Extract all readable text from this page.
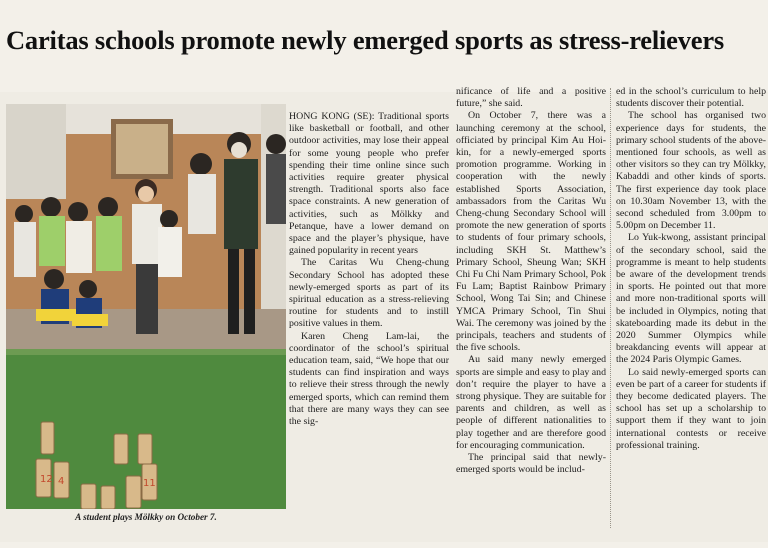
Caritas schools promote newly emerged sports as stress-relievers
12 4	11
A student plays Mölkky on October 7.

HONG KONG (SE): Traditional sports like basketball or football, and other outdoor activities, may lose their appeal for some young people who prefer spending their time online since such activities require greater physical strength. Traditional sports also face space constraints. A new generation of activities, such as Mölkky and Petanque, have a lower demand on space and the player’s physique, have gained popularity in recent years

The Caritas Wu Cheng-chung Secondary School has adopted these newly-emerged sports as part of its spiritual education as a stress-relieving routine for students and to instill positive values in them.

Karen Cheng Lam-lai, the coordinator of the school’s spiritual education team, said, “We hope that our students can find inspiration and ways to relieve their stress through the newly emerged sports, which can remind them that there are many ways they can see the sig-

nificance of life and a positive future,” she said.

On October 7, there was a launching ceremony at the school, officiated by principal Kim Au Hoi-kin, for a newly-emerged sports promotion programme. Working in cooperation with the newly established Sports Association, ambassadors from the Caritas Wu Cheng-chung Secondary School will promote the new generation of sports to students of four primary schools, including SKH St. Matthew’s Primary School, Sheung Wan; SKH Chi Fu Chi Nam Primary School, Pok Fu Lam; Baptist Rainbow Primary School, Wong Tai Sin; and Chinese YMCA Primary School, Tin Shui Wai. The ceremony was joined by the principals, teachers and students of the five schools.

Au said many newly emerged sports are simple and easy to play and don’t require the player to have a strong physique. They are suitable for parents and children, as well as people of different nationalities to play together and are therefore good for encouraging communication.

The principal said that newly-emerged sports would be includ-

ed in the school’s curriculum to help students discover their potential.

The school has organised two experience days for students, the primary school students of the above-mentioned four schools, as well as other visitors so they can try Mölkky, Kabaddi and other kinds of sports. The first experience day took place on 10.30am November 13, with the second scheduled from 3.00pm to 5.00pm on December 11.

Lo Yuk-kwong, assistant principal of the secondary school, said the programme is meant to help students be aware of the development trends in sports. He pointed out that more and more non-traditional sports will be included in Olympics, noting that skateboarding made its debut in the 2020 Summer Olympics while breakdancing events will appear at the 2024 Paris Olympic Games.

Lo said newly-emerged sports can even be part of a career for students if they become dedicated players. The school has set up a scholarship to support them if they want to join international contests or receive professional training.
